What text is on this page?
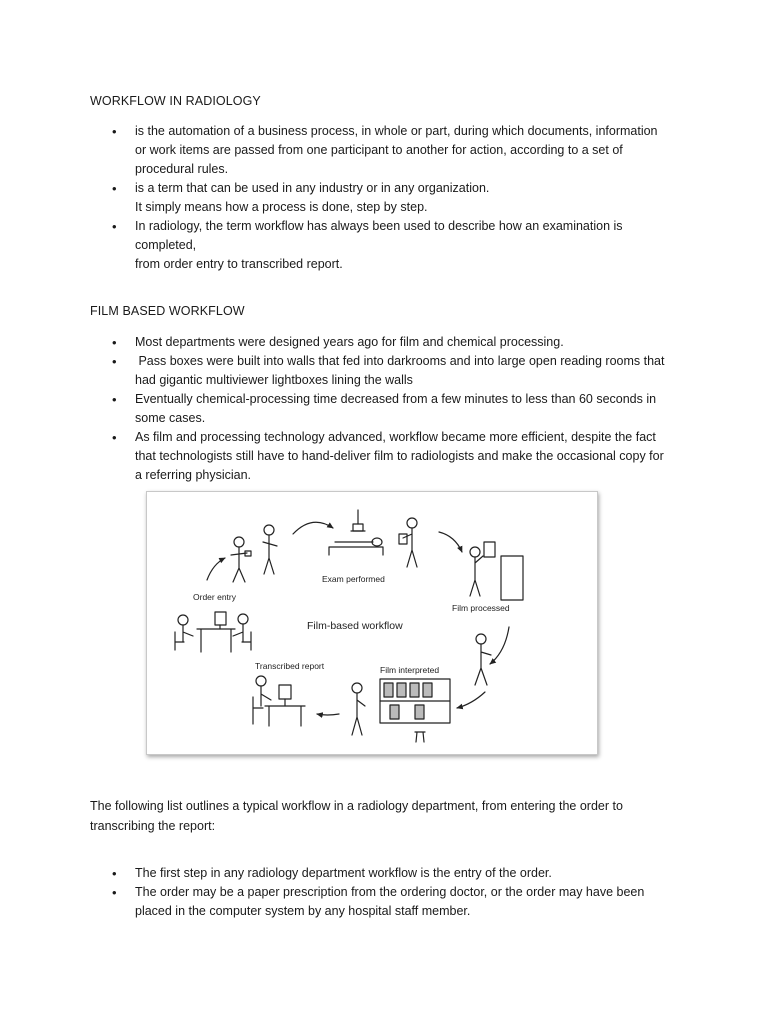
WORKFLOW IN RADIOLOGY
• is the automation of a business process, in whole or part, during which documents, information
or work items are passed from one participant to another for action, according to a set of
procedural rules.
• is a term that can be used in any industry or in any organization.
It simply means how a process is done, step by step.
• In radiology, the term workflow has always been used to describe how an examination is
completed,
from order entry to transcribed report.
FILM BASED WORKFLOW
• Most departments were designed years ago for film and chemical processing.
•  Pass boxes were built into walls that fed into darkrooms and into large open reading rooms that
had gigantic multiviewer lightboxes lining the walls
• Eventually chemical-processing time decreased from a few minutes to less than 60 seconds in
some cases.
• As film and processing technology advanced, workflow became more efficient, despite the fact
that technologists still have to hand-deliver film to radiologists and make the occasional copy for
a referring physician.
Exam performed
Film processed
Film interpreted
Transcribed report
Order entry
Film-based workflow
The following list outlines a typical workflow in a radiology department, from entering the order to
transcribing the report:
• The first step in any radiology department workflow is the entry of the order.
• The order may be a paper prescription from the ordering doctor, or the order may have been
placed in the computer system by any hospital staff member.
